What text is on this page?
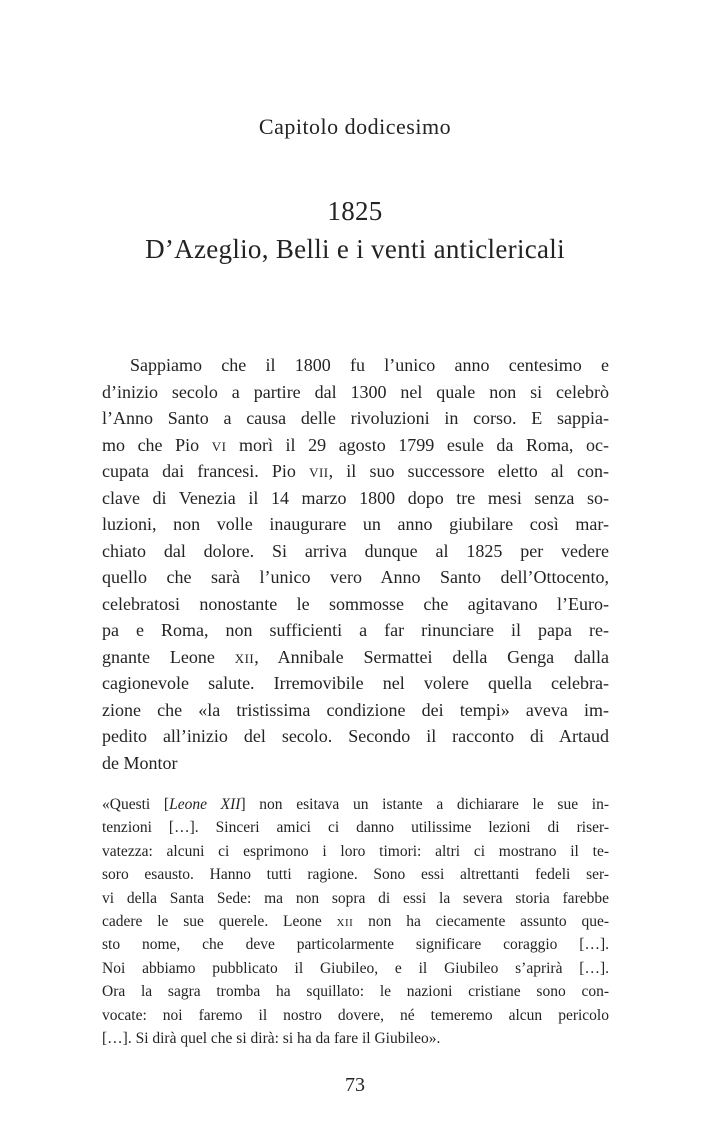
Capitolo dodicesimo
1825
D’Azeglio, Belli e i venti anticlericali
Sappiamo che il 1800 fu l’unico anno centesimo e
d’inizio secolo a partire dal 1300 nel quale non si celebrò
l’Anno Santo a causa delle rivoluzioni in corso. E sappia-
mo che Pio vi morì il 29 agosto 1799 esule da Roma, oc-
cupata dai francesi. Pio vii, il suo successore eletto al con-
clave di Venezia il 14 marzo 1800 dopo tre mesi senza so-
luzioni, non volle inaugurare un anno giubilare così mar-
chiato dal dolore. Si arriva dunque al 1825 per vedere
quello che sarà l’unico vero Anno Santo dell’Ottocento,
celebratosi nonostante le sommosse che agitavano l’Euro-
pa e Roma, non sufficienti a far rinunciare il papa re-
gnante Leone xii, Annibale Sermattei della Genga dalla
cagionevole salute. Irremovibile nel volere quella celebra-
zione che «la tristissima condizione dei tempi» aveva im-
pedito all’inizio del secolo. Secondo il racconto di Artaud
de Montor
«Questi [Leone XII] non esitava un istante a dichiarare le sue in-
tenzioni […]. Sinceri amici ci danno utilissime lezioni di riser-
vatezza: alcuni ci esprimono i loro timori: altri ci mostrano il te-
soro esausto. Hanno tutti ragione. Sono essi altrettanti fedeli ser-
vi della Santa Sede: ma non sopra di essi la severa storia farebbe
cadere le sue querele. Leone xii non ha ciecamente assunto que-
sto nome, che deve particolarmente significare coraggio […].
Noi abbiamo pubblicato il Giubileo, e il Giubileo s’aprirà […].
Ora la sagra tromba ha squillato: le nazioni cristiane sono con-
vocate: noi faremo il nostro dovere, né temeremo alcun pericolo
[…]. Si dirà quel che si dirà: si ha da fare il Giubileo».
73
